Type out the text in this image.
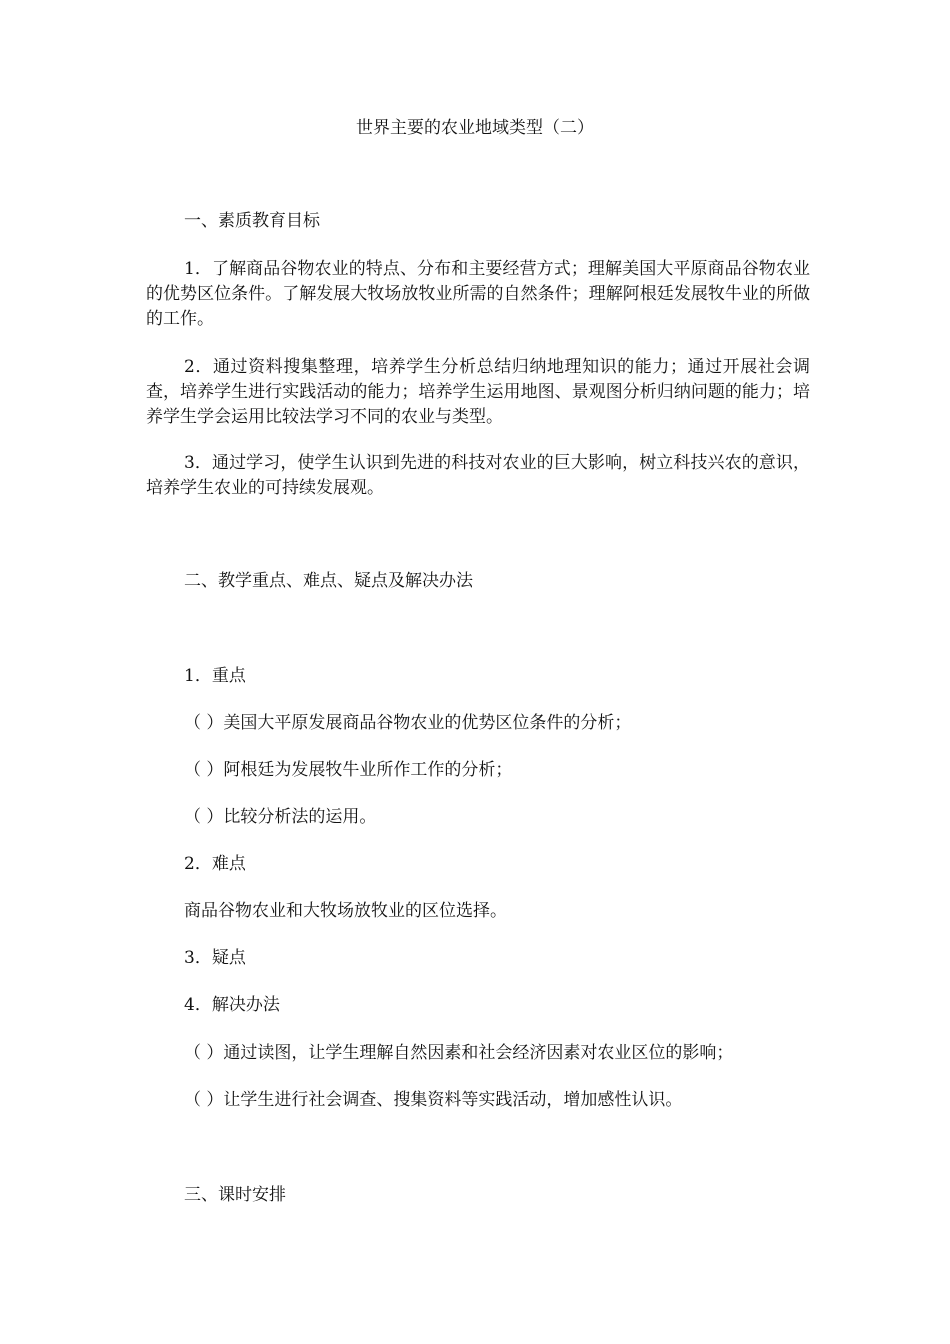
世界主要的农业地域类型（二）
一、素质教育目标
1．了解商品谷物农业的特点、分布和主要经营方式；理解美国大平原商品谷物农业的优势区位条件。了解发展大牧场放牧业所需的自然条件；理解阿根廷发展牧牛业的所做的工作。
2．通过资料搜集整理，培养学生分析总结归纳地理知识的能力；通过开展社会调查，培养学生进行实践活动的能力；培养学生运用地图、景观图分析归纳问题的能力；培养学生学会运用比较法学习不同的农业与类型。
3．通过学习，使学生认识到先进的科技对农业的巨大影响，树立科技兴农的意识，培养学生农业的可持续发展观。
二、教学重点、难点、疑点及解决办法
1．重点
（ ）美国大平原发展商品谷物农业的优势区位条件的分析；
（ ）阿根廷为发展牧牛业所作工作的分析；
（ ）比较分析法的运用。
2．难点
商品谷物农业和大牧场放牧业的区位选择。
3．疑点
4．解决办法
（ ）通过读图，让学生理解自然因素和社会经济因素对农业区位的影响；
（ ）让学生进行社会调查、搜集资料等实践活动，增加感性认识。
三、课时安排
